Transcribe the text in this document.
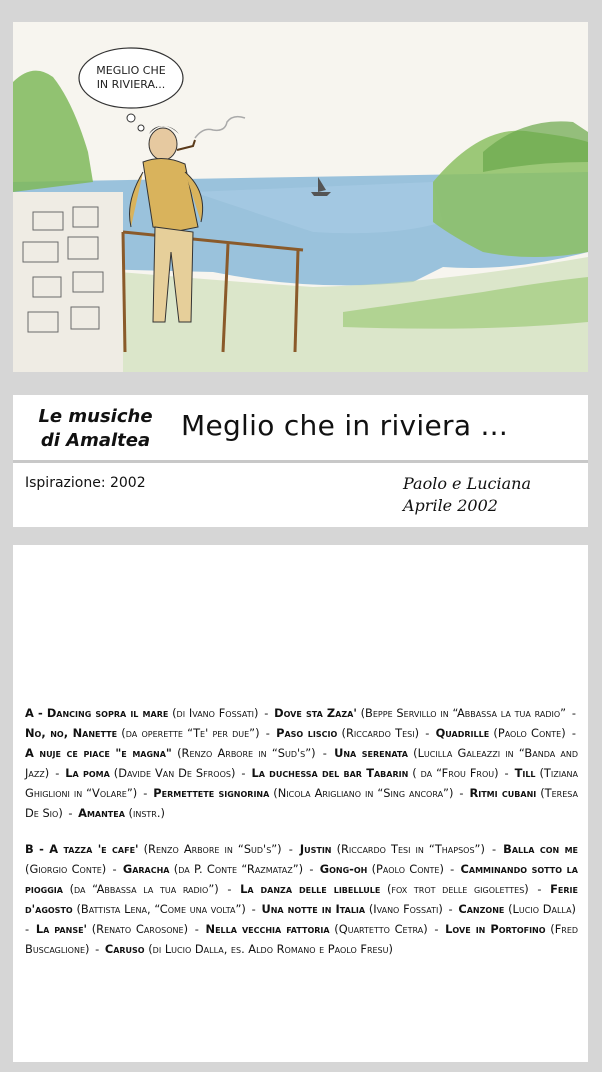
MEGLIO CHE
IN RIVIERA...
Le musiche
di Amaltea Meglio che in riviera ...
Ispirazione: 2002	Paolo e Luciana
Aprile 2002
A - Dancing sopra il mare (di Ivano Fossati) - Dove sta Zaza' (Beppe Servillo in “Abbassa la tua radio” - No, no, Nanette (da operette “Te' per due”) - Paso liscio (Riccardo Tesi) - Quadrille (Paolo Conte) - A nuje ce piace "e magna" (Renzo Arbore in “Sud's”) - Una serenata (Lucilla Galeazzi in “Banda and Jazz) - La poma (Davide Van De Sfroos) - La duchessa del bar Tabarin ( da “Frou Frou) - Till (Tiziana Ghiglioni in “Volare”) - Permettete signorina (Nicola Arigliano in “Sing ancora”) - Ritmi cubani (Teresa De Sio) - Amantea (instr.)
B - A tazza 'e cafe' (Renzo Arbore in “Sud's”) - Justin (Riccardo Tesi in “Thapsos”) - Balla con me (Giorgio Conte) - Garacha (da P. Conte “Razmataz”) - Gong-oh (Paolo Conte) - Camminando sotto la pioggia (da “Abbassa la tua radio”) - La danza delle libellule (fox trot delle gigolettes) - Ferie d'agosto (Battista Lena, “Come una volta”) - Una notte in Italia (Ivano Fossati) - Canzone (Lucio Dalla) - La panse' (Renato Carosone) - Nella vecchia fattoria (Quartetto Cetra) - Love in Portofino (Fred Buscaglione) - Caruso (di Lucio Dalla, es. Aldo Romano e Paolo Fresu)
